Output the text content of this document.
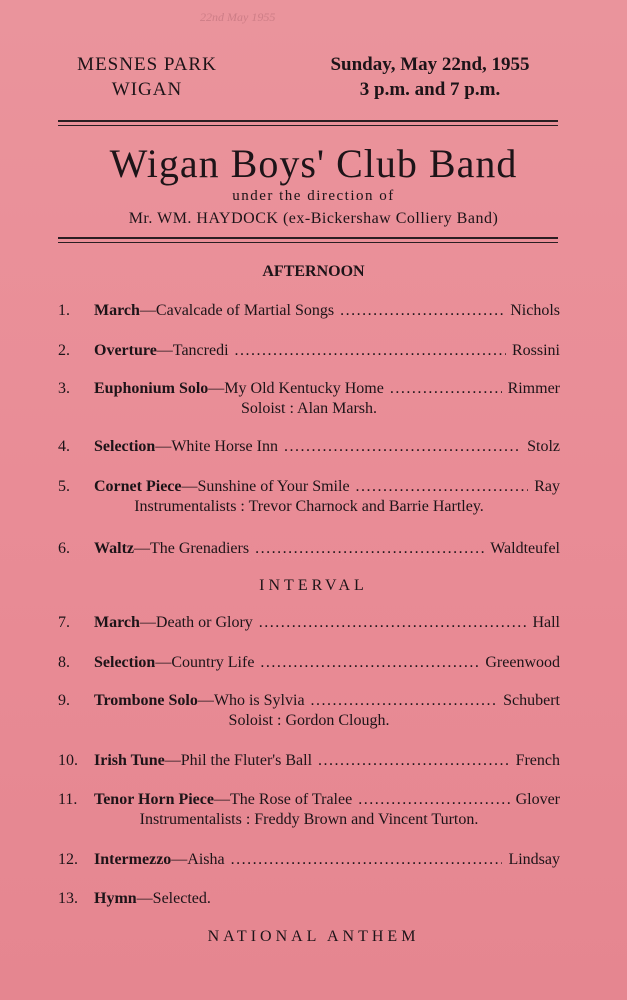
22nd May 1955
MESNES PARK
WIGAN
Sunday, May 22nd, 1955
3 p.m. and 7 p.m.
Wigan Boys' Club Band
under the direction of
Mr. WM. HAYDOCK (ex-Bickershaw Colliery Band)
AFTERNOON
1.	March — Cavalcade of Martial Songs .....	Nichols
2.	Overture — Tancredi .....	Rossini
3.	Euphonium Solo — My Old Kentucky Home .....	Rimmer
Soloist : Alan Marsh.
4.	Selection — White Horse Inn .....	Stolz
5.	Cornet Piece — Sunshine of Your Smile .....	Ray
Instrumentalists : Trevor Charnock and Barrie Hartley.
6.	Waltz — The Grenadiers .....	Waldteufel
INTERVAL
7.	March — Death or Glory .....	Hall
8.	Selection — Country Life .....	Greenwood
9.	Trombone Solo — Who is Sylvia .....	Schubert
Soloist : Gordon Clough.
10.	Irish Tune — Phil the Fluter's Ball .....	French
11.	Tenor Horn Piece — The Rose of Tralee .....	Glover
Instrumentalists : Freddy Brown and Vincent Turton.
12.	Intermezzo — Aisha .....	Lindsay
13.	Hymn — Selected.
NATIONAL ANTHEM
